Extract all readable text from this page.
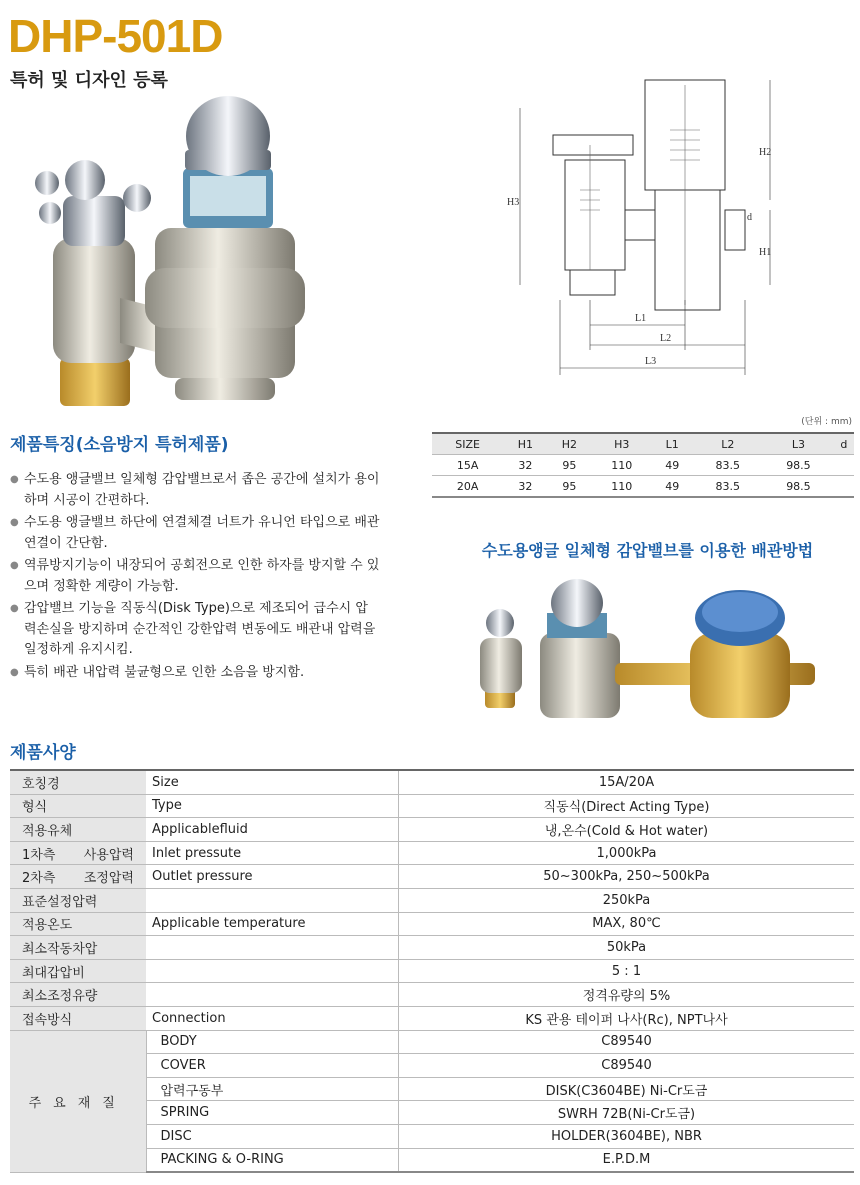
DHP-501D
특허 및 디자인 등록
H3
H2
H1
d
L1
L2
L3
제품특징(소음방지 특허제품)
● 수도용 앵글밸브 일체형 감압밸브로서 좁은 공간에 설치가 용이하며 시공이 간편하다.
● 수도용 앵글밸브 하단에 연결체결 너트가 유니언 타입으로 배관연결이 간단함.
● 역류방지기능이 내장되어 공회전으로 인한 하자를 방지할 수 있으며 정확한 계량이 가능함.
● 감압밸브 기능을 직동식(Disk Type)으로 제조되어 급수시 압력손실을 방지하며 순간적인 강한압력 변동에도 배관내 압력을 일정하게 유지시킴.
● 특히 배관 내압력 불균형으로 인한 소음을 방지함.
(단위 : mm)
SIZE	H1	H2	H3	L1	L2	L3	d
15A	32	95	110	49	83.5	98.5	
20A	32	95	110	49	83.5	98.5	
수도용앵글 일체형 감압밸브를 이용한 배관방법
제품사양
호칭경	Size	15A/20A
형식	Type	직동식(Direct Acting Type)
적용유체	Applicablefluid	냉,온수(Cold & Hot water)
1차측 사용압력	Inlet pressute	1,000kPa
2차측 조정압력	Outlet pressure	50~300kPa, 250~500kPa
표준설정압력		250kPa
적용온도	Applicable temperature	MAX, 80℃
최소작동차압		50kPa
최대갑압비		5 : 1
최소조정유량		정격유량의 5%
접속방식	Connection	KS 관용 테이퍼 나사(Rc), NPT나사
주요재질	BODY	C89540
	COVER	C89540
	압력구동부	DISK(C3604BE) Ni-Cr도금
	SPRING	SWRH 72B(Ni-Cr도금)
	DISC	HOLDER(3604BE), NBR
	PACKING & O-RING	E.P.D.M
